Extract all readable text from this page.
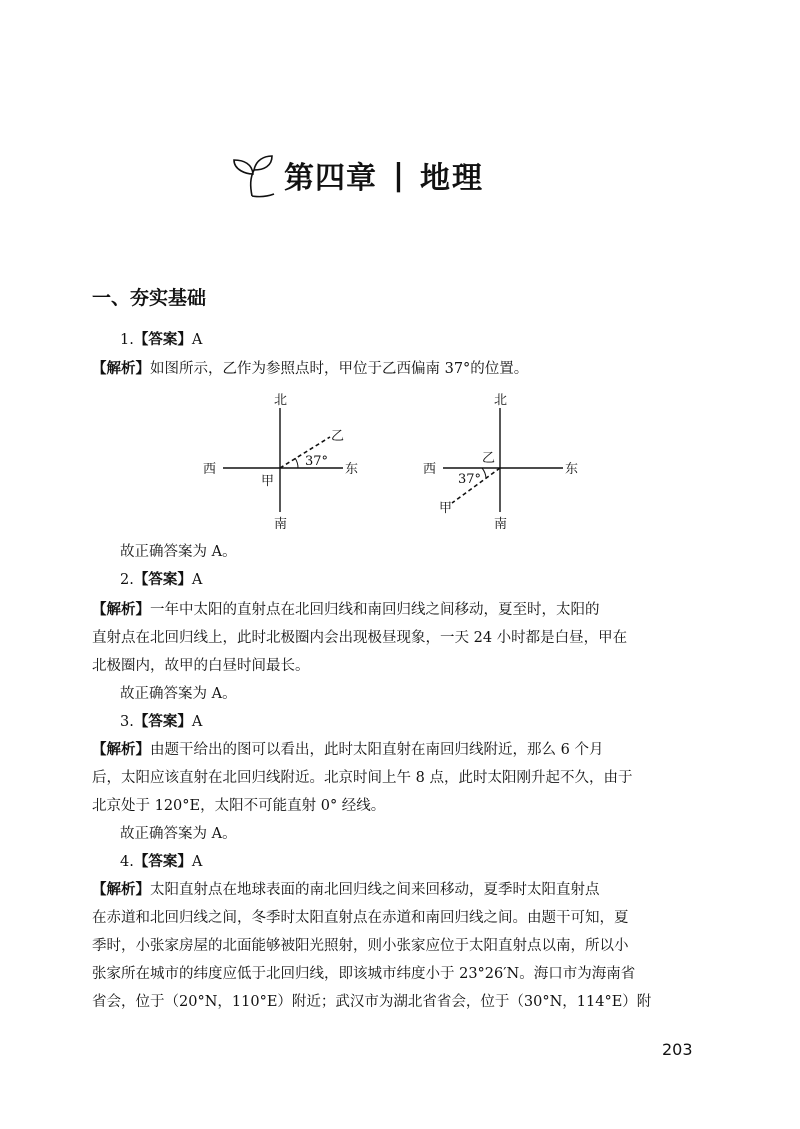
第四章 | 地理
一、夯实基础
1.【答案】A
【解析】如图所示，乙作为参照点时，甲位于乙西偏南 37°的位置。
北
南
西	东
甲
乙
37°
北
南
西	东
乙
甲
37°
故正确答案为 A。
2.【答案】A
【解析】一年中太阳的直射点在北回归线和南回归线之间移动，夏至时，太阳的
直射点在北回归线上，此时北极圈内会出现极昼现象，一天 24 小时都是白昼，甲在
北极圈内，故甲的白昼时间最长。
故正确答案为 A。
3.【答案】A
【解析】由题干给出的图可以看出，此时太阳直射在南回归线附近，那么 6 个月
后，太阳应该直射在北回归线附近。北京时间上午 8 点，此时太阳刚升起不久，由于
北京处于 120°E，太阳不可能直射 0° 经线。
故正确答案为 A。
4.【答案】A
【解析】太阳直射点在地球表面的南北回归线之间来回移动，夏季时太阳直射点
在赤道和北回归线之间，冬季时太阳直射点在赤道和南回归线之间。由题干可知，夏
季时，小张家房屋的北面能够被阳光照射，则小张家应位于太阳直射点以南，所以小
张家所在城市的纬度应低于北回归线，即该城市纬度小于 23°26′N。海口市为海南省
省会，位于（20°N，110°E）附近；武汉市为湖北省省会，位于（30°N，114°E）附
203
